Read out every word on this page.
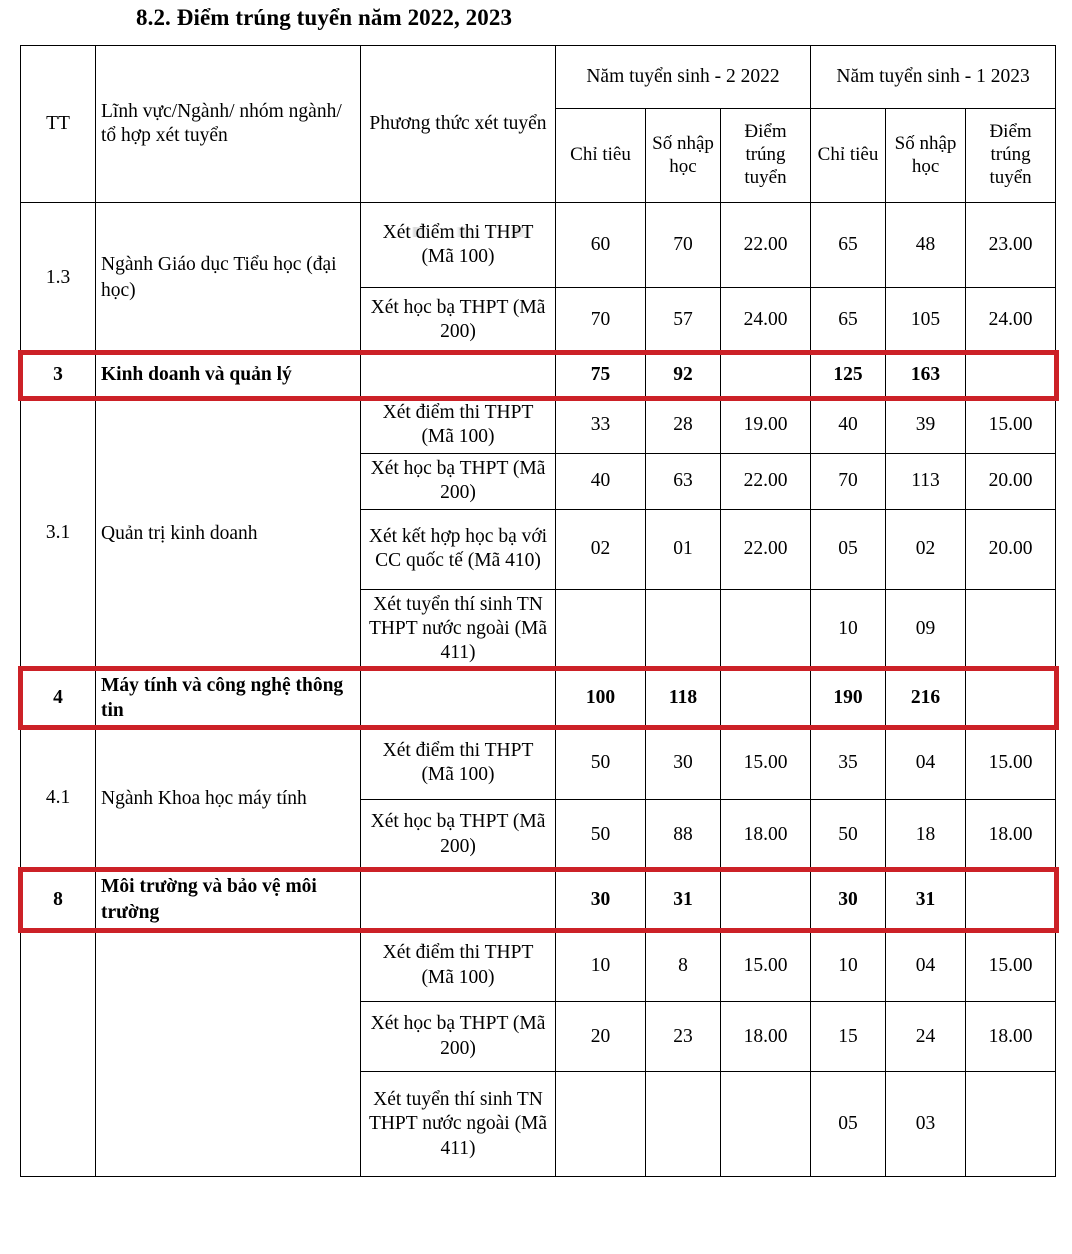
8.2. Điểm trúng tuyển năm 2022, 2023
TT	Lĩnh vực/Ngành/ nhóm ngành/ tổ hợp xét tuyển	Phương thức xét tuyển	Năm tuyển sinh - 2 2022			Năm tuyển sinh - 1 2023		
			Chỉ tiêu	Số nhập học	Điểm trúng tuyển	Chỉ tiêu	Số nhập học	Điểm trúng tuyển
1.3	Ngành Giáo dục Tiểu học (đại học)	Xét điểm thi THPT (Mã 100)	60	70	22.00	65	48	23.00
		Xét học bạ THPT (Mã 200)	70	57	24.00	65	105	24.00
3	Kinh doanh và quản lý		75	92		125	163	
3.1	Quản trị kinh doanh	Xét điểm thi THPT (Mã 100)	33	28	19.00	40	39	15.00
		Xét học bạ THPT (Mã 200)	40	63	22.00	70	113	20.00
		Xét kết hợp học bạ với CC quốc tế (Mã 410)	02	01	22.00	05	02	20.00
		Xét tuyển thí sinh TN THPT nước ngoài (Mã 411)				10	09	
4	Máy tính và công nghệ thông tin		100	118		190	216	
4.1	Ngành Khoa học máy tính	Xét điểm thi THPT (Mã 100)	50	30	15.00	35	04	15.00
		Xét học bạ THPT (Mã 200)	50	88	18.00	50	18	18.00
8	Môi trường và bảo vệ môi trường		30	31		30	31	
		Xét điểm thi THPT (Mã 100)	10	8	15.00	10	04	15.00
		Xét học bạ THPT (Mã 200)	20	23	18.00	15	24	18.00
		Xét tuyển thí sinh TN THPT nước ngoài (Mã 411)				05	03	
